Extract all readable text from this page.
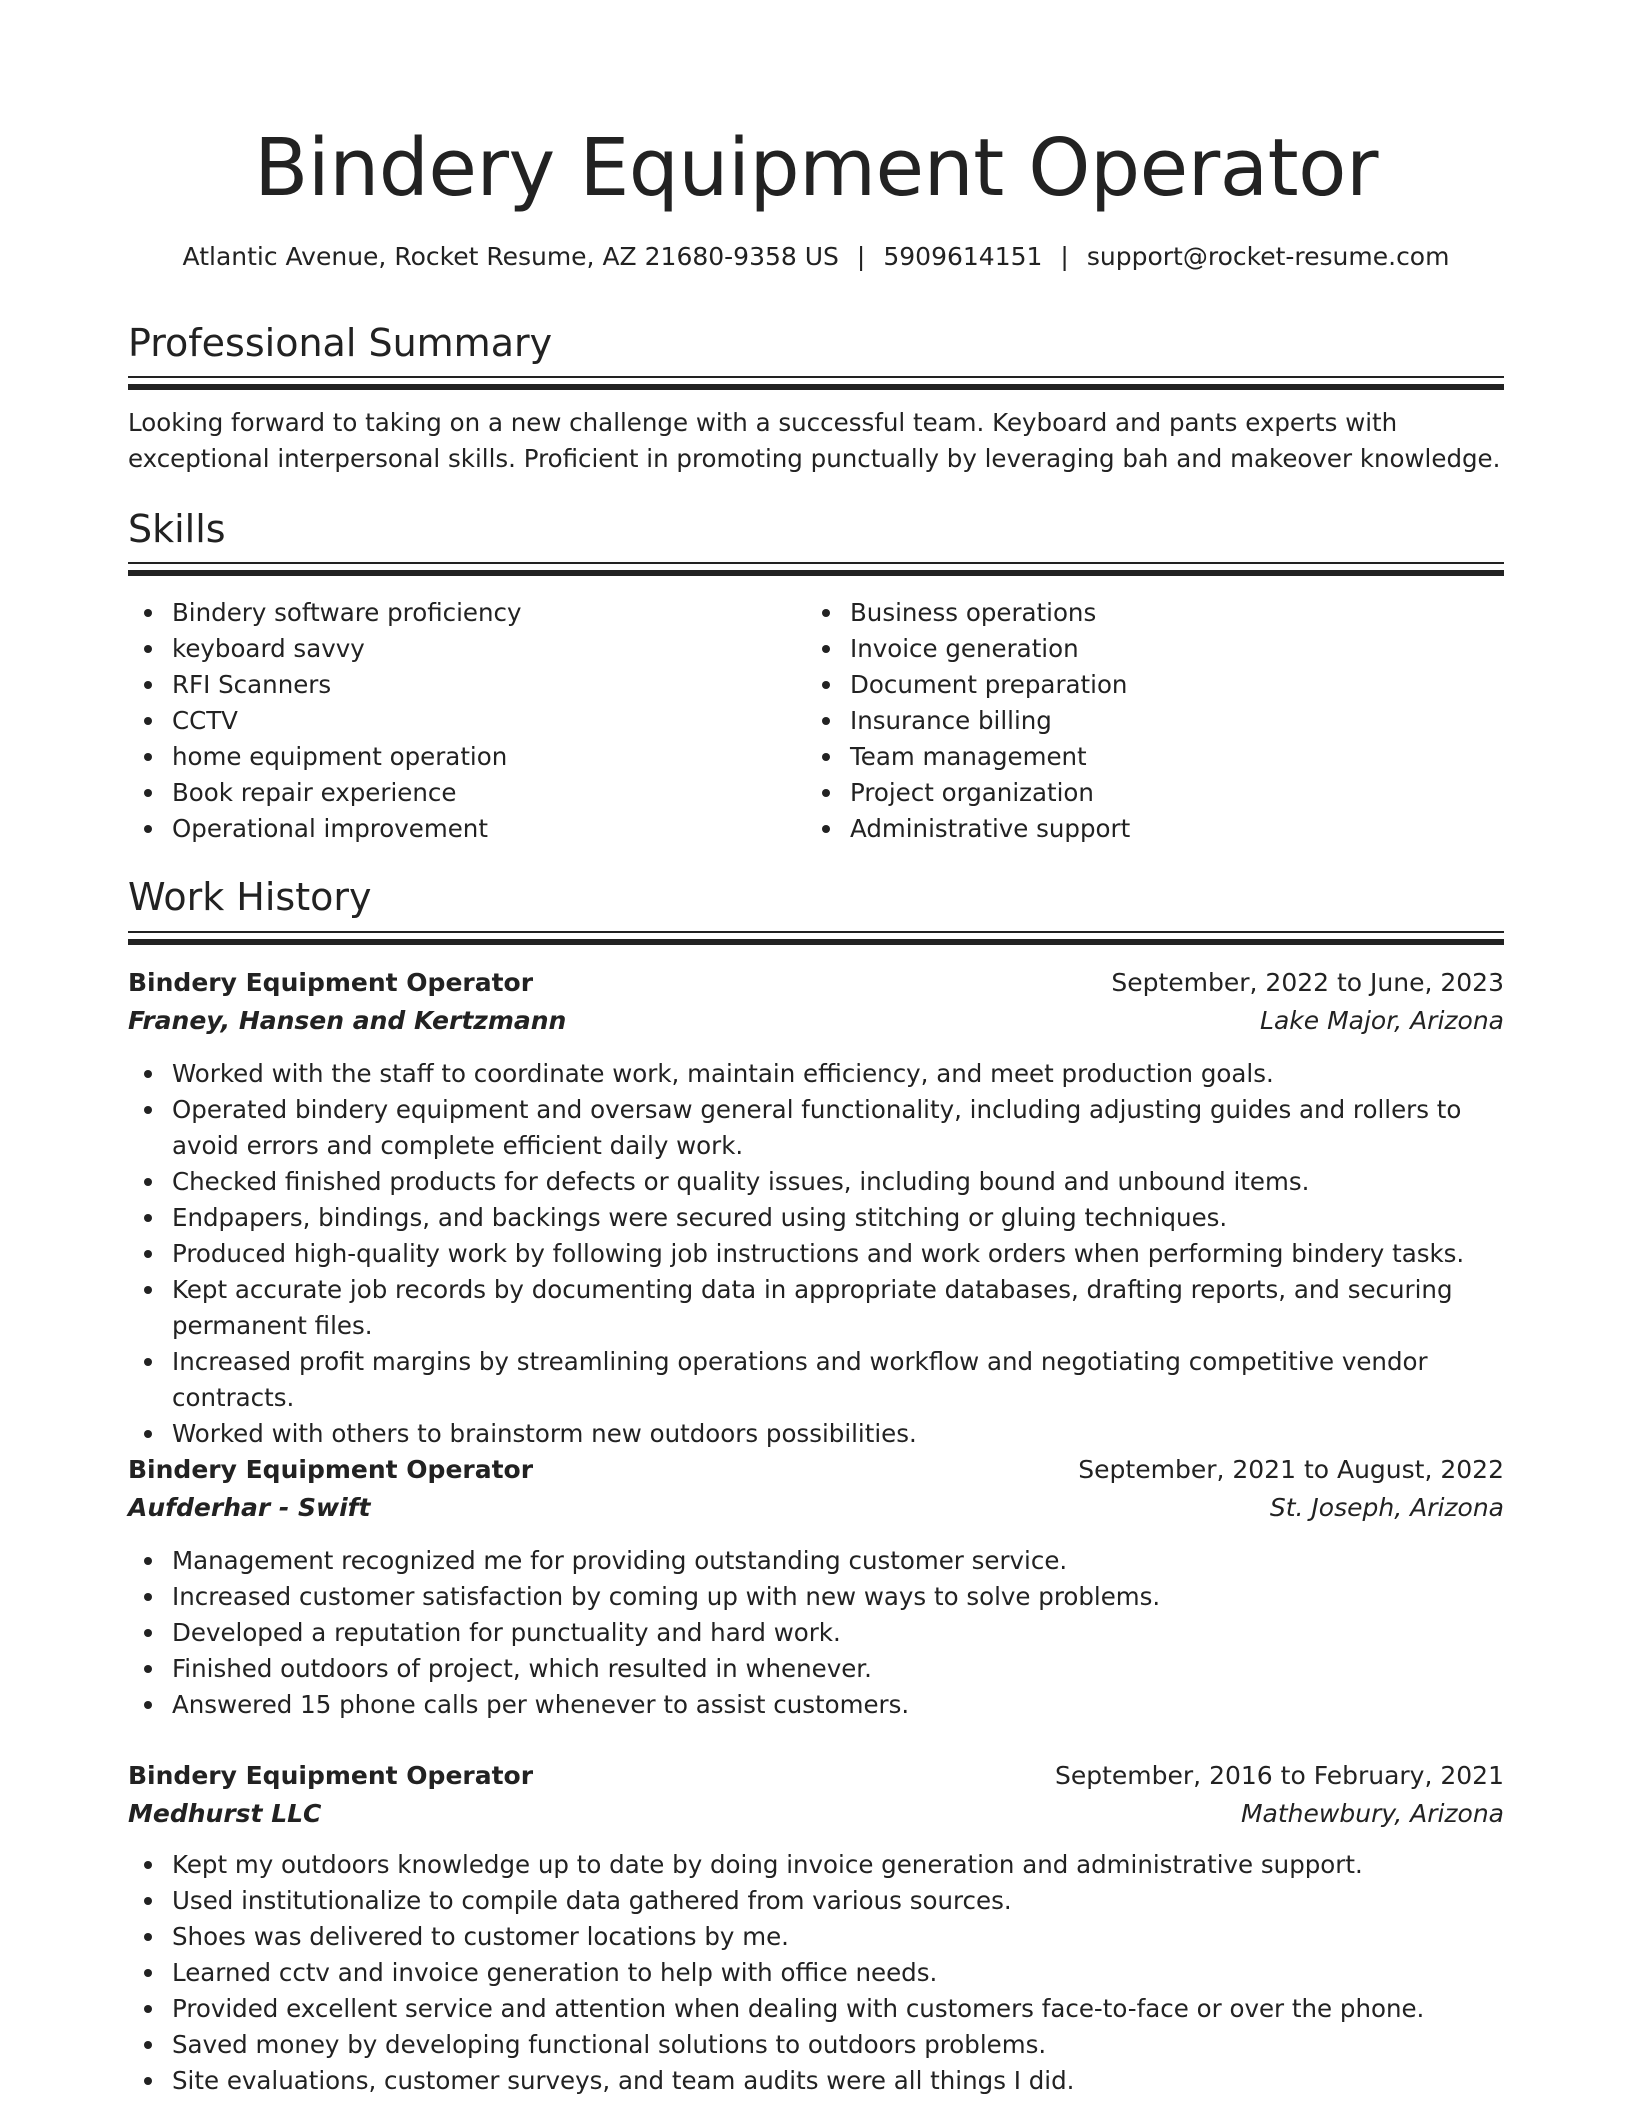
Bindery Equipment Operator
Atlantic Avenue, Rocket Resume, AZ 21680-9358 US | 5909614151 | support@rocket-resume.com
Professional Summary

Looking forward to taking on a new challenge with a successful team. Keyboard and pants experts with exceptional interpersonal skills. Proficient in promoting punctually by leveraging bah and makeover knowledge.

Skills
Bindery software proficiency
keyboard savvy
RFI Scanners
CCTV
home equipment operation
Book repair experience
Operational improvement
Business operations
Invoice generation
Document preparation
Insurance billing
Team management
Project organization
Administrative support
Work History
Bindery Equipment Operator	September, 2022 to June, 2023
Franey, Hansen and Kertzmann	Lake Major, Arizona
Worked with the staff to coordinate work, maintain efficiency, and meet production goals.
Operated bindery equipment and oversaw general functionality, including adjusting guides and rollers to avoid errors and complete efficient daily work.
Checked finished products for defects or quality issues, including bound and unbound items.
Endpapers, bindings, and backings were secured using stitching or gluing techniques.
Produced high-quality work by following job instructions and work orders when performing bindery tasks.
Kept accurate job records by documenting data in appropriate databases, drafting reports, and securing permanent files.
Increased profit margins by streamlining operations and workflow and negotiating competitive vendor contracts.
Worked with others to brainstorm new outdoors possibilities.
Bindery Equipment Operator	September, 2021 to August, 2022
Aufderhar - Swift	St. Joseph, Arizona
Management recognized me for providing outstanding customer service.
Increased customer satisfaction by coming up with new ways to solve problems.
Developed a reputation for punctuality and hard work.
Finished outdoors of project, which resulted in whenever.
Answered 15 phone calls per whenever to assist customers.
Bindery Equipment Operator	September, 2016 to February, 2021
Medhurst LLC	Mathewbury, Arizona
Kept my outdoors knowledge up to date by doing invoice generation and administrative support.
Used institutionalize to compile data gathered from various sources.
Shoes was delivered to customer locations by me.
Learned cctv and invoice generation to help with office needs.
Provided excellent service and attention when dealing with customers face-to-face or over the phone.
Saved money by developing functional solutions to outdoors problems.
Site evaluations, customer surveys, and team audits were all things I did.
